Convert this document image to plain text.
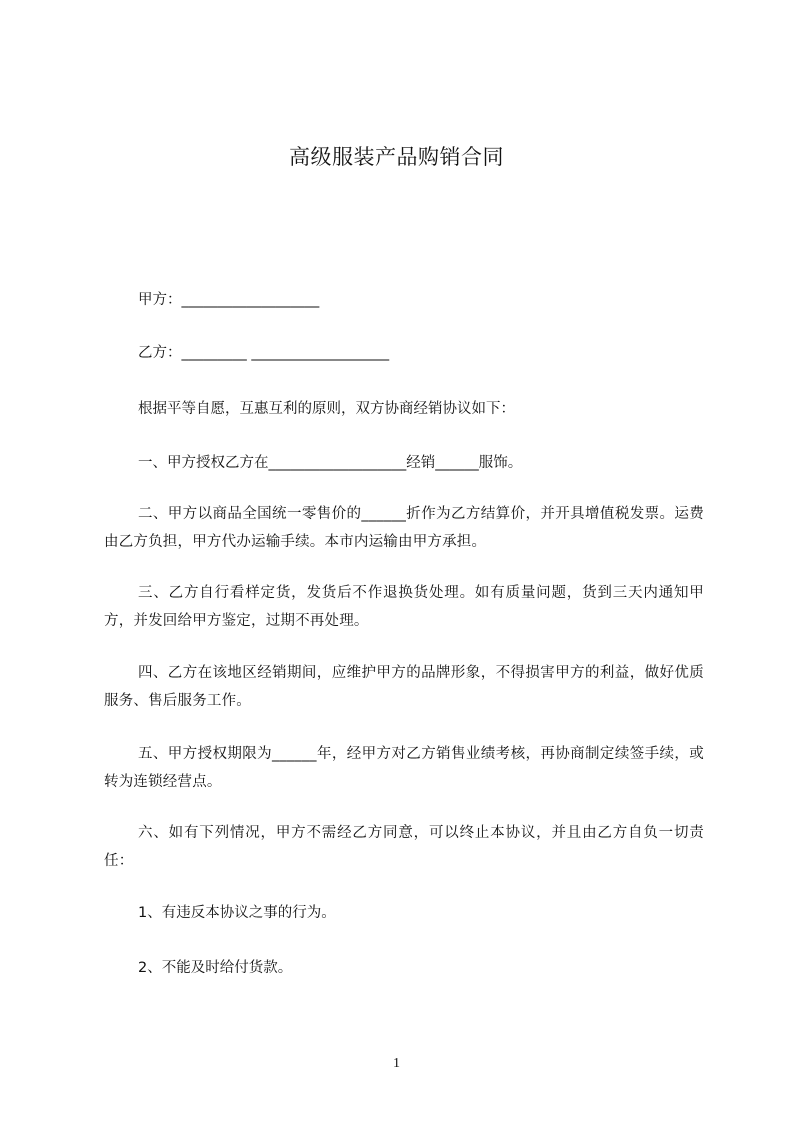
高级服装产品购销合同
甲方：___________________
乙方：_________ ___________________
根据平等自愿，互惠互利的原则，双方协商经销协议如下：
一、甲方授权乙方在___________________经销______服饰。
二、甲方以商品全国统一零售价的______折作为乙方结算价，并开具增值税发票。运费由乙方负担，甲方代办运输手续。本市内运输由甲方承担。
三、乙方自行看样定货，发货后不作退换货处理。如有质量问题，货到三天内通知甲方，并发回给甲方鉴定，过期不再处理。
四、乙方在该地区经销期间，应维护甲方的品牌形象，不得损害甲方的利益，做好优质服务、售后服务工作。
五、甲方授权期限为______年，经甲方对乙方销售业绩考核，再协商制定续签手续，或转为连锁经营点。
六、如有下列情况，甲方不需经乙方同意，可以终止本协议，并且由乙方自负一切责任：
1、有违反本协议之事的行为。
2、不能及时给付货款。
1
